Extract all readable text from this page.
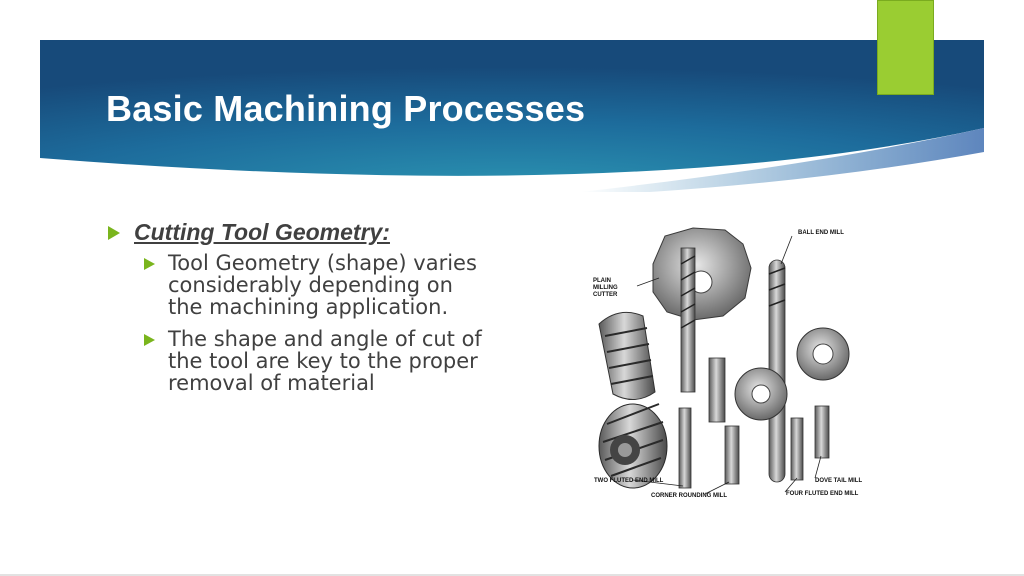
Basic Machining Processes
Cutting Tool Geometry:
Tool Geometry (shape) varies considerably depending on the machining application.
The shape and angle of cut of the tool are key to the proper removal of material
BALL END MILL
PLAIN MILLING CUTTER
TWO FLUTED END MILL
CORNER ROUNDING MILL
DOVE TAIL MILL
FOUR FLUTED END MILL
